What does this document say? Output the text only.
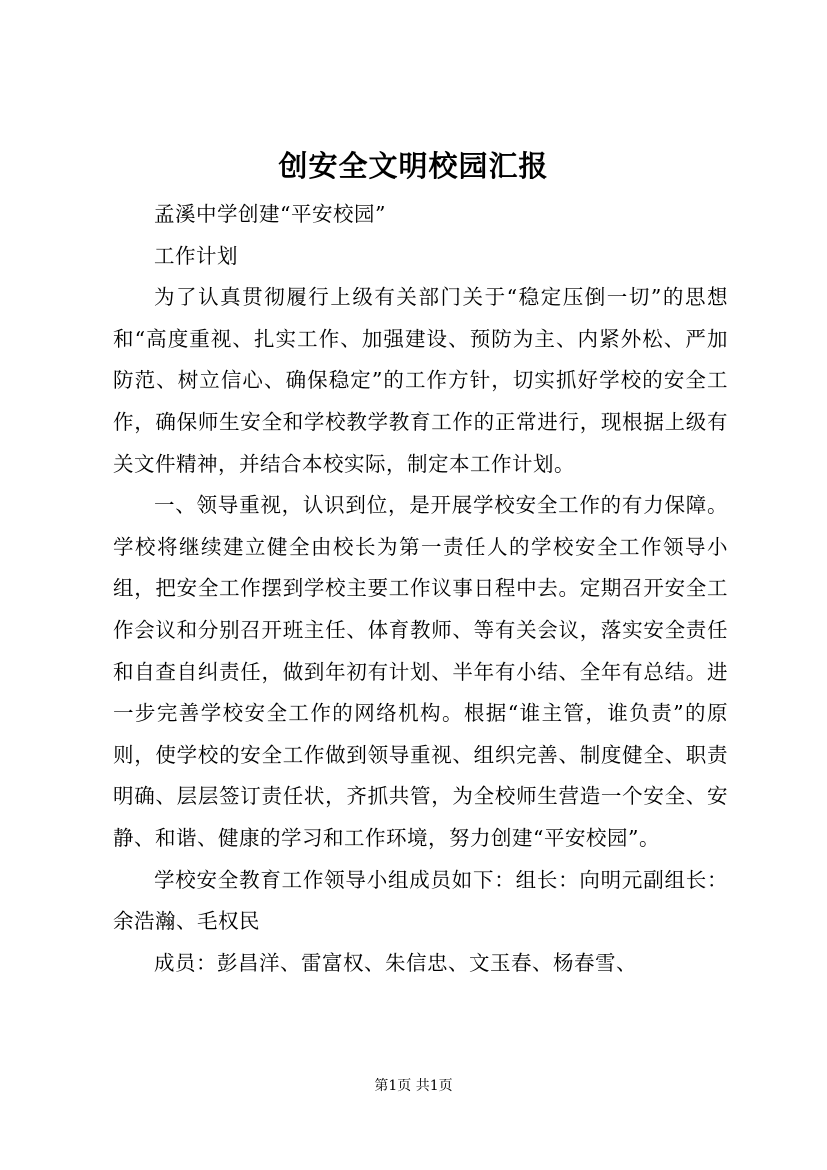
创安全文明校园汇报

孟溪中学创建“平安校园”

工作计划

为了认真贯彻履行上级有关部门关于“稳定压倒一切”的思想和“高度重视、扎实工作、加强建设、预防为主、内紧外松、严加防范、树立信心、确保稳定”的工作方针，切实抓好学校的安全工作，确保师生安全和学校教学教育工作的正常进行，现根据上级有关文件精神，并结合本校实际，制定本工作计划。

一、领导重视，认识到位，是开展学校安全工作的有力保障。学校将继续建立健全由校长为第一责任人的学校安全工作领导小组，把安全工作摆到学校主要工作议事日程中去。定期召开安全工作会议和分别召开班主任、体育教师、等有关会议，落实安全责任和自查自纠责任，做到年初有计划、半年有小结、全年有总结。进一步完善学校安全工作的网络机构。根据“谁主管，谁负责”的原则，使学校的安全工作做到领导重视、组织完善、制度健全、职责明确、层层签订责任状，齐抓共管，为全校师生营造一个安全、安静、和谐、健康的学习和工作环境，努力创建“平安校园”。

学校安全教育工作领导小组成员如下：组长：向明元副组长：余浩瀚、毛权民

成员：彭昌洋、雷富权、朱信忠、文玉春、杨春雪、

第1页 共1页
